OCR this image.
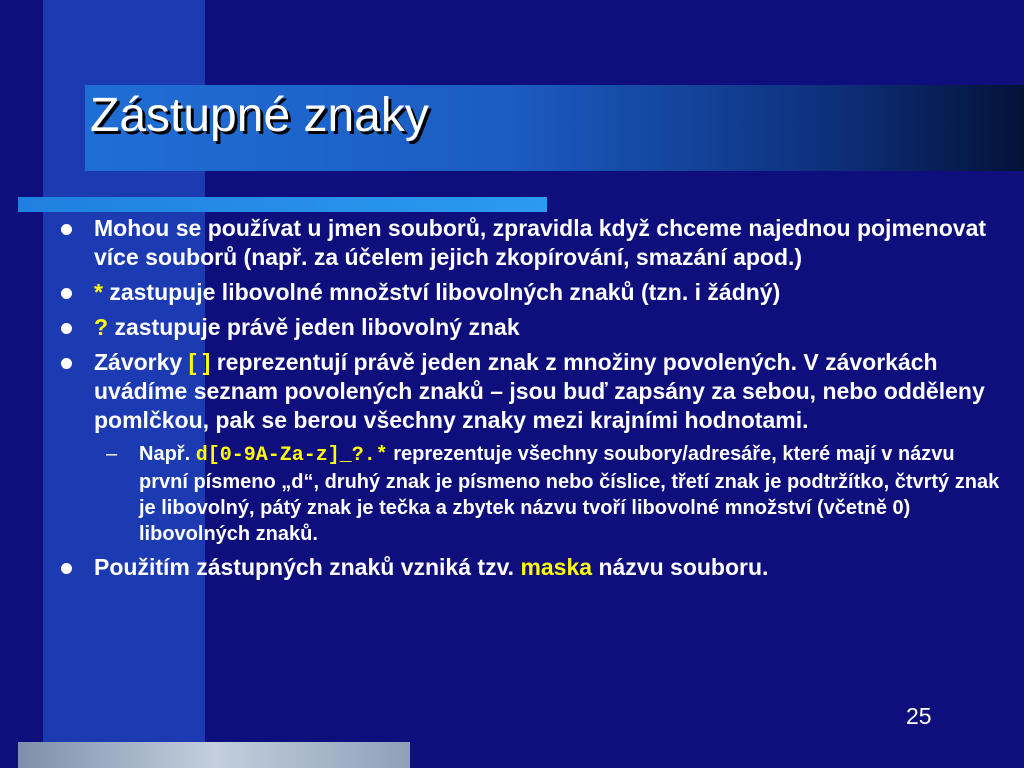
Zástupné znaky
Mohou se používat u jmen souborů, zpravidla když chceme najednou pojmenovat více souborů (např. za účelem jejich zkopírování, smazání apod.)
* zastupuje libovolné množství libovolných znaků (tzn. i žádný)
? zastupuje právě jeden libovolný znak
Závorky [ ] reprezentují právě jeden znak z množiny povolených. V závorkách uvádíme seznam povolených znaků – jsou buď zapsány za sebou, nebo odděleny pomlčkou, pak se berou všechny znaky mezi krajními hodnotami.
– Např. d[0-9A-Za-z]_?.* reprezentuje všechny soubory/adresáře, které mají v názvu první písmeno „d“, druhý znak je písmeno nebo číslice, třetí znak je podtržítko, čtvrtý znak je libovolný, pátý znak je tečka a zbytek názvu tvoří libovolné množství (včetně 0) libovolných znaků.
Použitím zástupných znaků vzniká tzv. maska názvu souboru.
25
